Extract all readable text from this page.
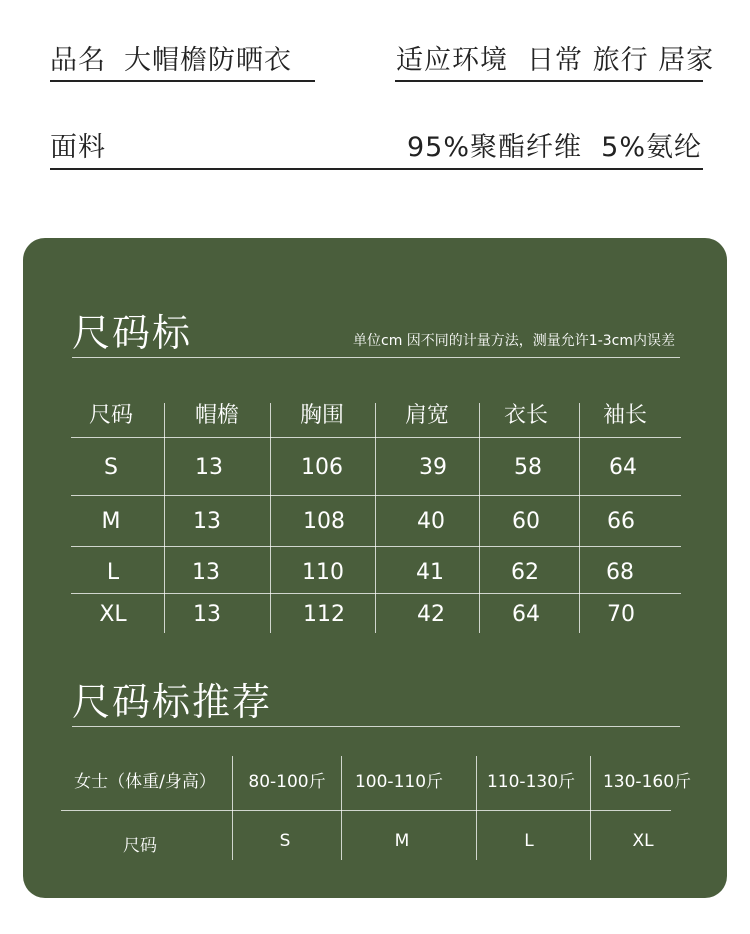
品名 大帽檐防晒衣	适应环境 日常 旅行 居家
面料	95%聚酯纤维  5%氨纶
尺码标	单位cm 因不同的计量方法，测量允许1-3cm内误差
尺码	帽檐	胸围	肩宽 衣长 袖长
S	13	106	39	58	64
M	13	108	40	60	66
L	13	110	41	62	68
XL	13	112	42	64	70
尺码标推荐
女士（体重/身高） 80-100斤 100-110斤	110-130斤 130-160斤
尺码	S	M	L	XL
